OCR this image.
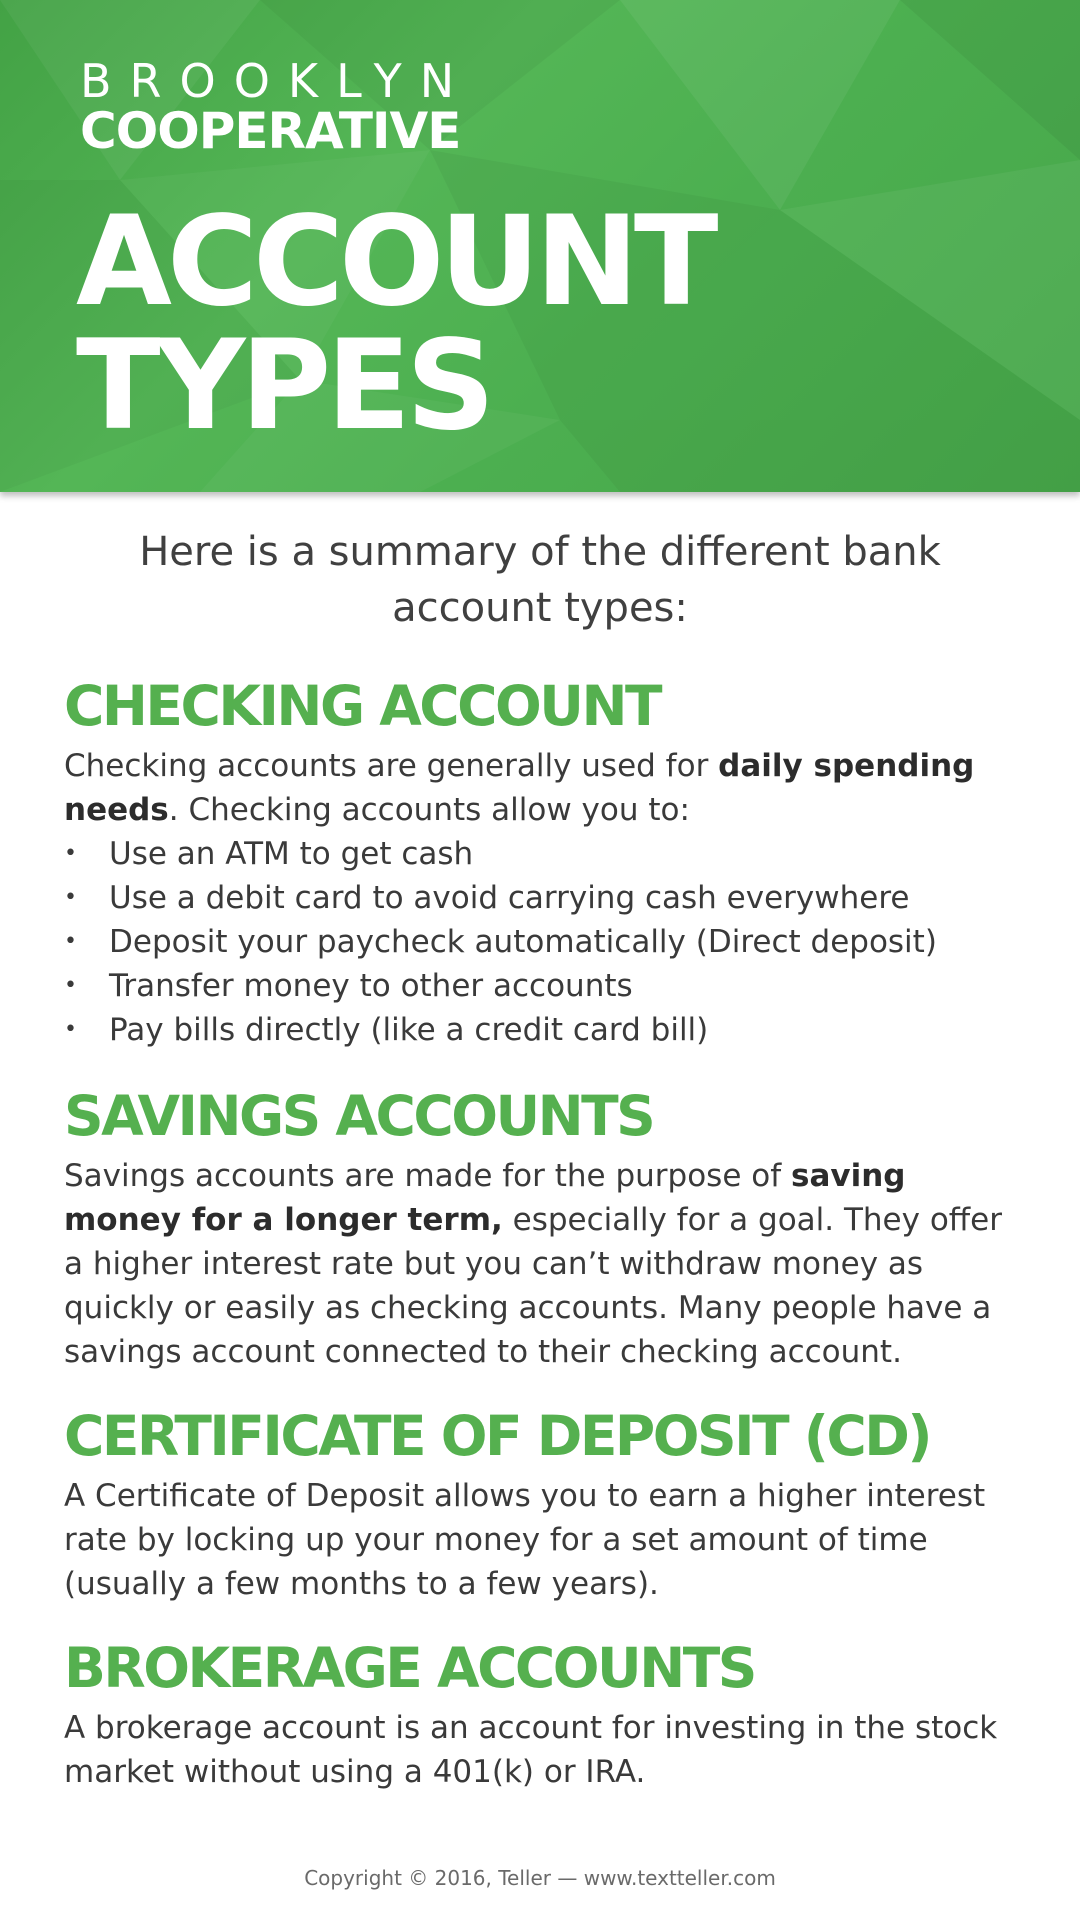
BROOKLYN
COOPERATIVE
ACCOUNT
TYPES
Here is a summary of the different bank account types:
CHECKING ACCOUNT

Checking accounts are generally used for daily spending needs. Checking accounts allow you to:

• Use an ATM to get cash
• Use a debit card to avoid carrying cash everywhere
• Deposit your paycheck automatically (Direct deposit)
• Transfer money to other accounts
• Pay bills directly (like a credit card bill)
SAVINGS ACCOUNTS

Savings accounts are made for the purpose of saving money for a longer term, especially for a goal. They offer a higher interest rate but you can’t withdraw money as quickly or easily as checking accounts. Many people have a savings account connected to their checking account.

CERTIFICATE OF DEPOSIT (CD)

A Certificate of Deposit allows you to earn a higher interest rate by locking up your money for a set amount of time (usually a few months to a few years).

BROKERAGE ACCOUNTS

A brokerage account is an account for investing in the stock market without using a 401(k) or IRA.

Copyright © 2016, Teller — www.textteller.com
